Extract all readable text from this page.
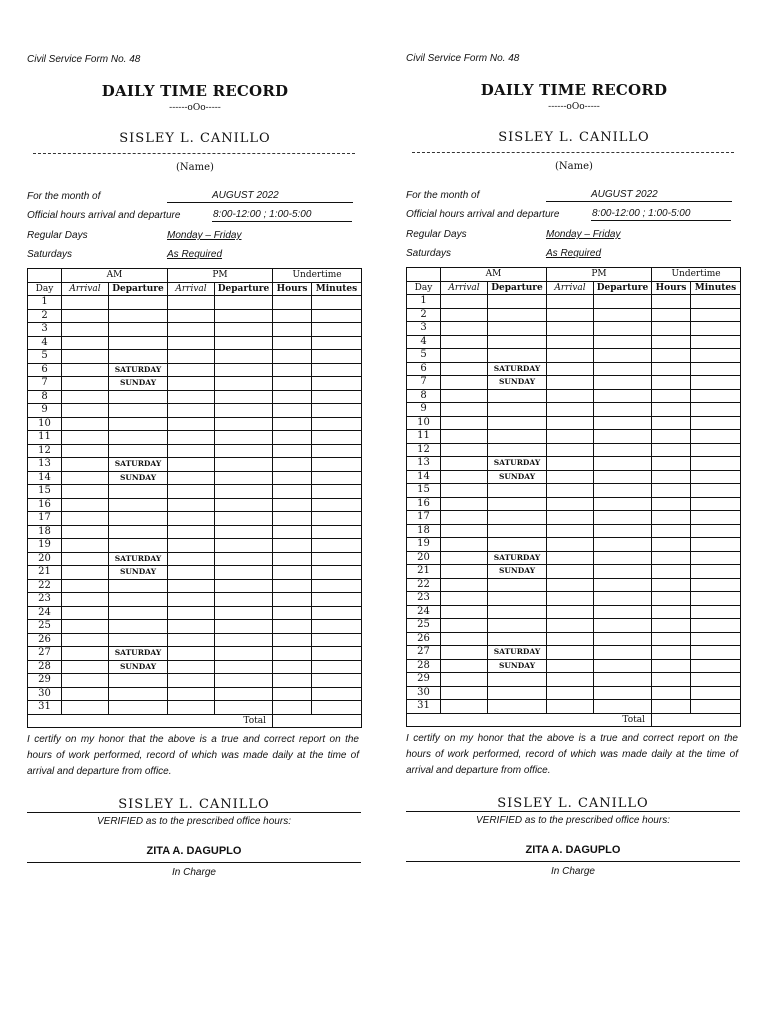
Civil Service Form No. 48
DAILY TIME RECORD
------oOo-----
SISLEY L. CANILLO
(Name)
For the month of	AUGUST 2022
Official hours arrival and departure	8:00-12:00 ; 1:00-5:00
Regular Days	Monday – Friday
Saturdays	As Required
	AM		PM		Undertime	
Day	Arrival	Departure	Arrival	Departure	Hours	Minutes
1						
2						
3						
4						
5						
6		SATURDAY				
7		SUNDAY				
8						
9						
10						
11						
12						
13		SATURDAY				
14		SUNDAY				
15						
16						
17						
18						
19						
20		SATURDAY				
21		SUNDAY				
22						
23						
24						
25						
26						
27		SATURDAY				
28		SUNDAY				
29						
30						
31						
Total						
I certify on my honor that the above is a true and correct report on the hours of work performed, record of which was made daily at the time of arrival and departure from office.
SISLEY L. CANILLO
VERIFIED as to the prescribed office hours:
ZITA A. DAGUPLO
In Charge
Civil Service Form No. 48
DAILY TIME RECORD
------oOo-----
SISLEY L. CANILLO
(Name)
For the month of	AUGUST 2022
Official hours arrival and departure	8:00-12:00 ; 1:00-5:00
Regular Days	Monday – Friday
Saturdays	As Required
	AM		PM		Undertime	
Day	Arrival	Departure	Arrival	Departure	Hours	Minutes
1						
2						
3						
4						
5						
6		SATURDAY				
7		SUNDAY				
8						
9						
10						
11						
12						
13		SATURDAY				
14		SUNDAY				
15						
16						
17						
18						
19						
20		SATURDAY				
21		SUNDAY				
22						
23						
24						
25						
26						
27		SATURDAY				
28		SUNDAY				
29						
30						
31						
Total						
I certify on my honor that the above is a true and correct report on the hours of work performed, record of which was made daily at the time of arrival and departure from office.
SISLEY L. CANILLO
VERIFIED as to the prescribed office hours:
ZITA A. DAGUPLO
In Charge
